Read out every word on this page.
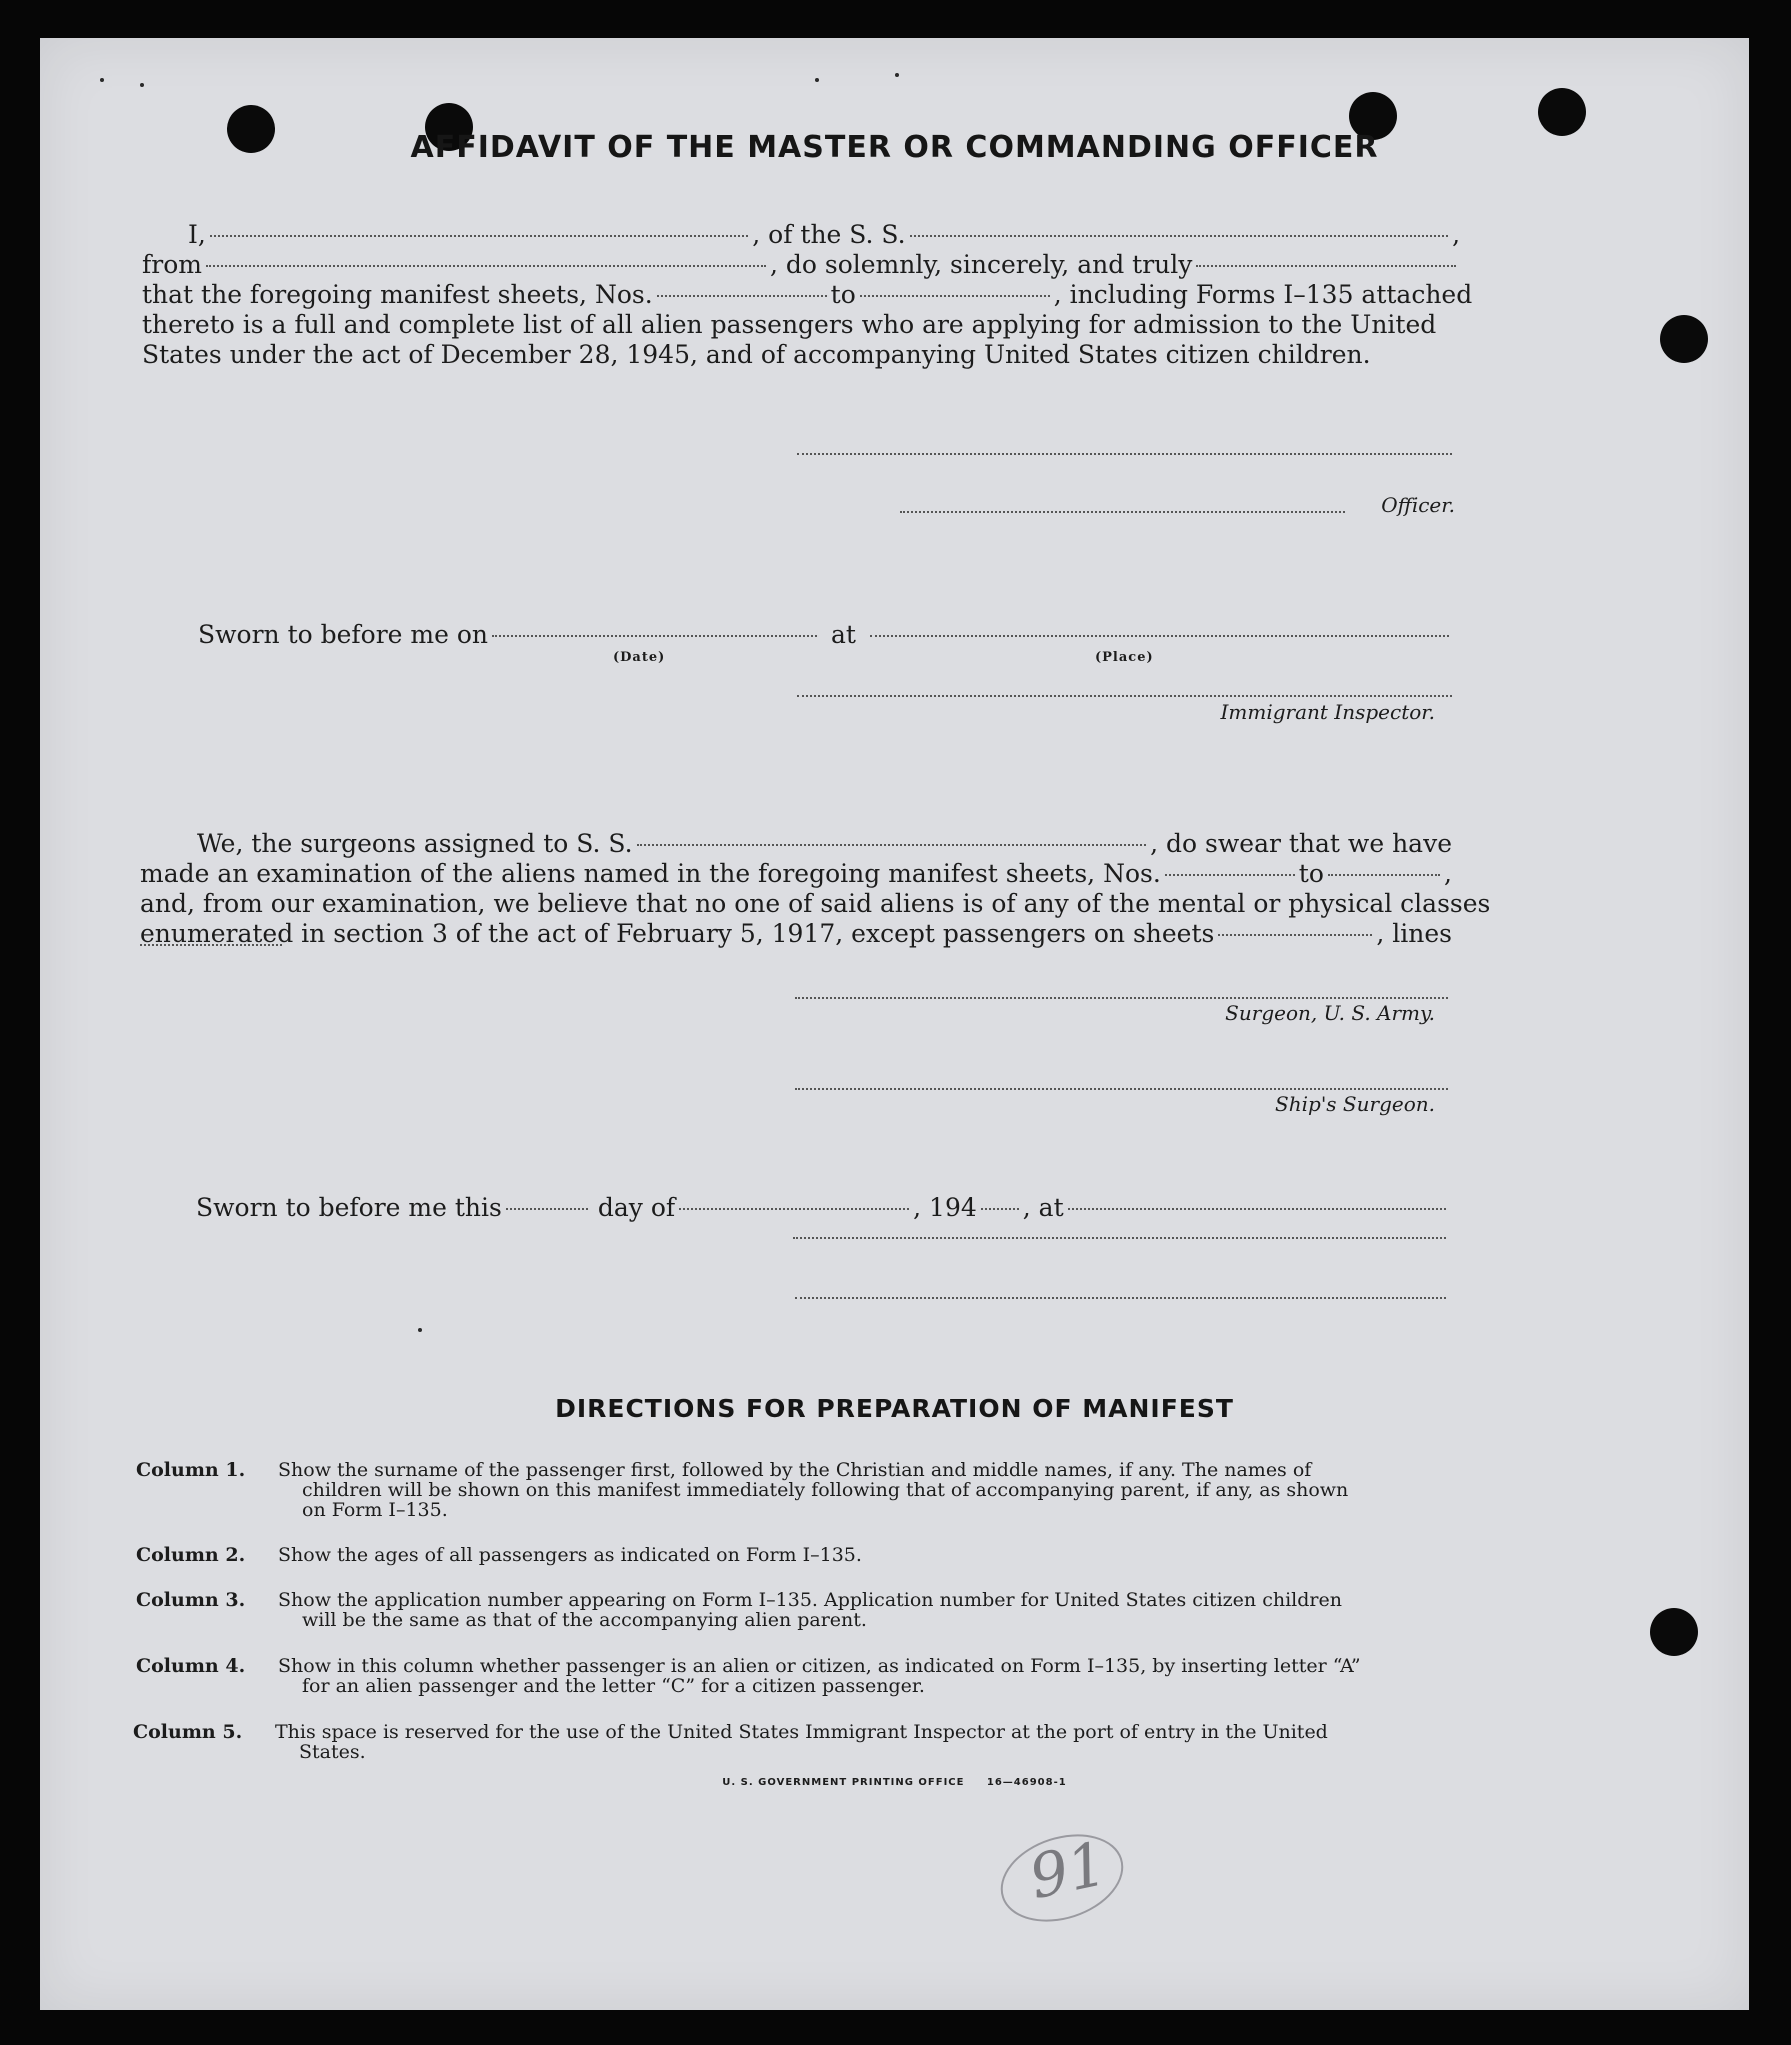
AFFIDAVIT OF THE MASTER OR COMMANDING OFFICER
I,	, of the S. S.	,
from	, do solemnly, sincerely, and truly
that the foregoing manifest sheets, Nos.	to	, including Forms I–135 attached
thereto is a full and complete list of all alien passengers who are applying for admission to the United
States under the act of December 28, 1945, and of accompanying United States citizen children.
Officer.
Sworn to before me on	at
(Date)	(Place)
Immigrant Inspector.
We, the surgeons assigned to S. S.	, do swear that we have
made an examination of the aliens named in the foregoing manifest sheets, Nos.	to	,
and, from our examination, we believe that no one of said aliens is of any of the mental or physical classes
enumerated in section 3 of the act of February 5, 1917, except passengers on sheets	, lines
Surgeon, U. S. Army.
Ship's Surgeon.
Sworn to before me this	day of	, 194 , at
DIRECTIONS FOR PREPARATION OF MANIFEST
Column 1.	Show the surname of the passenger first, followed by the Christian and middle names, if any. The names of
children will be shown on this manifest immediately following that of accompanying parent, if any, as shown
on Form I–135.
Column 2.	Show the ages of all passengers as indicated on Form I–135.
Column 3.	Show the application number appearing on Form I–135. Application number for United States citizen children
will be the same as that of the accompanying alien parent.
Column 4.	Show in this column whether passenger is an alien or citizen, as indicated on Form I–135, by inserting letter “A”
for an alien passenger and the letter “C” for a citizen passenger.
Column 5.	This space is reserved for the use of the United States Immigrant Inspector at the port of entry in the United
States.
U. S. GOVERNMENT PRINTING OFFICE     16—46908-1
91
